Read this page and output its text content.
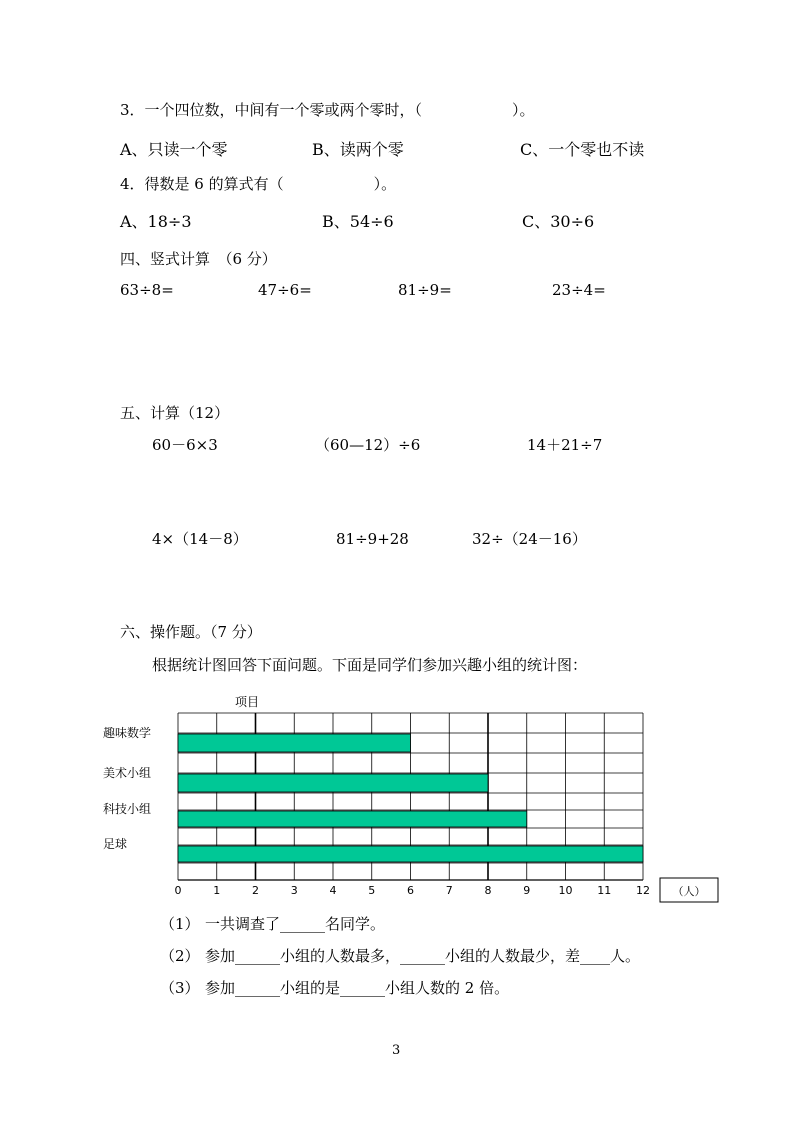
3．一个四位数，中间有一个零或两个零时，（　　　　　　）。
A、只读一个零	B、读两个零	C、一个零也不读
4．得数是 6 的算式有（　　　　　　）。
A、18÷3	B、54÷6	C、30÷6
四、竖式计算　（6 分）
63÷8=	47÷6=	81÷9=	23÷4=
五、计算（12）
60－6×3	（60—12）÷6	14＋21÷7
4×（14－8）	81÷9+28	32÷（24－16）
六、操作题。（7 分）
根据统计图回答下面问题。下面是同学们参加兴趣小组的统计图：
趣味数学
美术小组
科技小组
足球
项目
0	1	2	3	4	5	6	7	8	9	10 11 12 （人）
（1） 一共调查了______名同学。
（2） 参加______小组的人数最多，______小组的人数最少，差____人。
（3） 参加______小组的是______小组人数的 2 倍。
3
